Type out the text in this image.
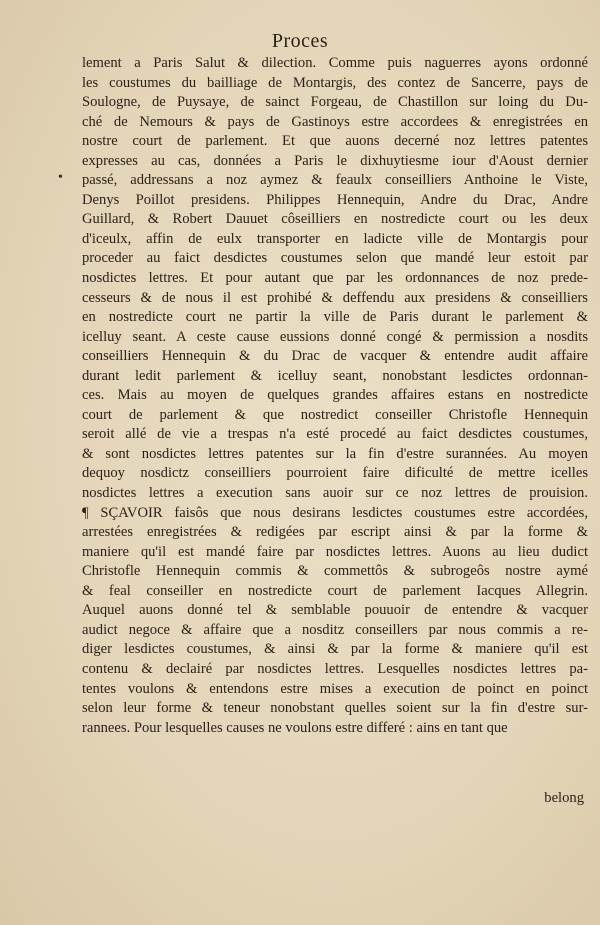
Proces
•
lement a Paris Salut & dilection. Comme puis naguerres ayons ordonné
les coustumes du bailliage de Montargis, des contez de Sancerre, pays de
Soulogne, de Puysaye, de sainct Forgeau, de Chastillon sur loing du Du-
ché de Nemours & pays de Gastinoys estre accordees & enregistrées en
nostre court de parlement. Et que auons decerné noz lettres patentes
expresses au cas, données a Paris le dixhuytiesme iour d'Aoust dernier
passé, addressans a noz aymez & feaulx conseilliers Anthoine le Viste,
Denys Poillot presidens. Philippes Hennequin, Andre du Drac, Andre
Guillard, & Robert Dauuet côseilliers en nostredicte court ou les deux
d'iceulx, affin de eulx transporter en ladicte ville de Montargis pour
proceder au faict desdictes coustumes selon que mandé leur estoit par
nosdictes lettres. Et pour autant que par les ordonnances de noz prede-
cesseurs & de nous il est prohibé & deffendu aux presidens & conseilliers
en nostredicte court ne partir la ville de Paris durant le parlement &
icelluy seant. A ceste cause eussions donné congé & permission a nosdits
conseilliers Hennequin & du Drac de vacquer & entendre audit affaire
durant ledit parlement & icelluy seant, nonobstant lesdictes ordonnan-
ces. Mais au moyen de quelques grandes affaires estans en nostredicte
court de parlement & que nostredict conseiller Christofle Hennequin
seroit allé de vie a trespas n'a esté procedé au faict desdictes coustumes,
& sont nosdictes lettres patentes sur la fin d'estre surannées. Au moyen
dequoy nosdictz conseilliers pourroient faire dificulté de mettre icelles
nosdictes lettres a execution sans auoir sur ce noz lettres de prouision.
¶ SÇAVOIR faisôs que nous desirans lesdictes coustumes estre accordées,
arrestées enregistrées & redigées par escript ainsi & par la forme &
maniere qu'il est mandé faire par nosdictes lettres. Auons au lieu dudict
Christofle Hennequin commis & commettôs & subrogeôs nostre aymé
& feal conseiller en nostredicte court de parlement Iacques Allegrin.
Auquel auons donné tel & semblable pouuoir de entendre & vacquer
audict negoce & affaire que a nosditz conseillers par nous commis a re-
diger lesdictes coustumes, & ainsi & par la forme & maniere qu'il est
contenu & declairé par nosdictes lettres. Lesquelles nosdictes lettres pa-
tentes voulons & entendons estre mises a execution de poinct en poinct
selon leur forme & teneur nonobstant quelles soient sur la fin d'estre sur-
rannees. Pour lesquelles causes ne voulons estre differé : ains en tant que
belong
